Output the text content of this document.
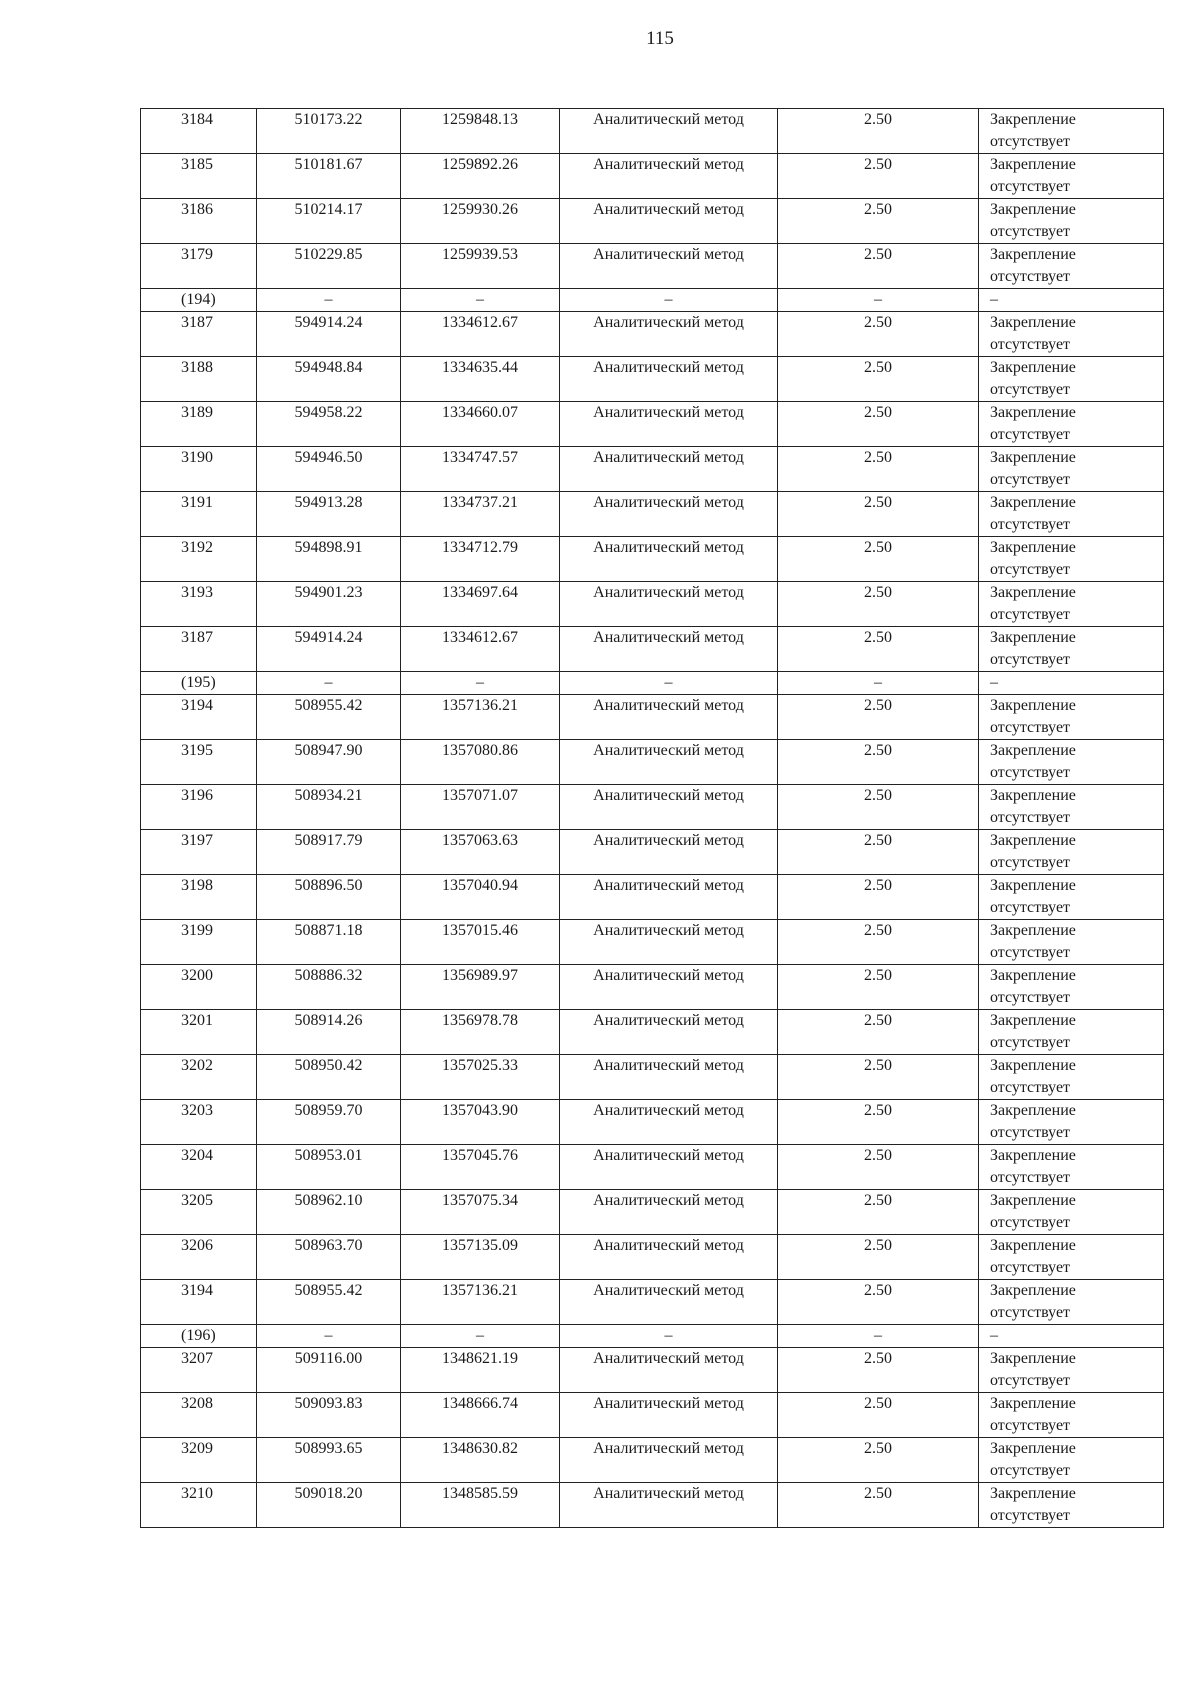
115
3184	510173.22	1259848.13	Аналитический метод	2.50	Закрепление
отсутствует

3185	510181.67	1259892.26	Аналитический метод	2.50	Закрепление
отсутствует

3186	510214.17	1259930.26	Аналитический метод	2.50	Закрепление
отсутствует

3179	510229.85	1259939.53	Аналитический метод	2.50	Закрепление
отсутствует

(194)	–	–	–	–	–
3187	594914.24	1334612.67	Аналитический метод	2.50	Закрепление
отсутствует

3188	594948.84	1334635.44	Аналитический метод	2.50	Закрепление
отсутствует

3189	594958.22	1334660.07	Аналитический метод	2.50	Закрепление
отсутствует

3190	594946.50	1334747.57	Аналитический метод	2.50	Закрепление
отсутствует

3191	594913.28	1334737.21	Аналитический метод	2.50	Закрепление
отсутствует

3192	594898.91	1334712.79	Аналитический метод	2.50	Закрепление
отсутствует

3193	594901.23	1334697.64	Аналитический метод	2.50	Закрепление
отсутствует

3187	594914.24	1334612.67	Аналитический метод	2.50	Закрепление
отсутствует

(195)	–	–	–	–	–
3194	508955.42	1357136.21	Аналитический метод	2.50	Закрепление
отсутствует

3195	508947.90	1357080.86	Аналитический метод	2.50	Закрепление
отсутствует

3196	508934.21	1357071.07	Аналитический метод	2.50	Закрепление
отсутствует

3197	508917.79	1357063.63	Аналитический метод	2.50	Закрепление
отсутствует

3198	508896.50	1357040.94	Аналитический метод	2.50	Закрепление
отсутствует

3199	508871.18	1357015.46	Аналитический метод	2.50	Закрепление
отсутствует

3200	508886.32	1356989.97	Аналитический метод	2.50	Закрепление
отсутствует

3201	508914.26	1356978.78	Аналитический метод	2.50	Закрепление
отсутствует

3202	508950.42	1357025.33	Аналитический метод	2.50	Закрепление
отсутствует

3203	508959.70	1357043.90	Аналитический метод	2.50	Закрепление
отсутствует

3204	508953.01	1357045.76	Аналитический метод	2.50	Закрепление
отсутствует

3205	508962.10	1357075.34	Аналитический метод	2.50	Закрепление
отсутствует

3206	508963.70	1357135.09	Аналитический метод	2.50	Закрепление
отсутствует

3194	508955.42	1357136.21	Аналитический метод	2.50	Закрепление
отсутствует

(196)	–	–	–	–	–
3207	509116.00	1348621.19	Аналитический метод	2.50	Закрепление
отсутствует

3208	509093.83	1348666.74	Аналитический метод	2.50	Закрепление
отсутствует

3209	508993.65	1348630.82	Аналитический метод	2.50	Закрепление
отсутствует

3210	509018.20	1348585.59	Аналитический метод	2.50	Закрепление
отсутствует
